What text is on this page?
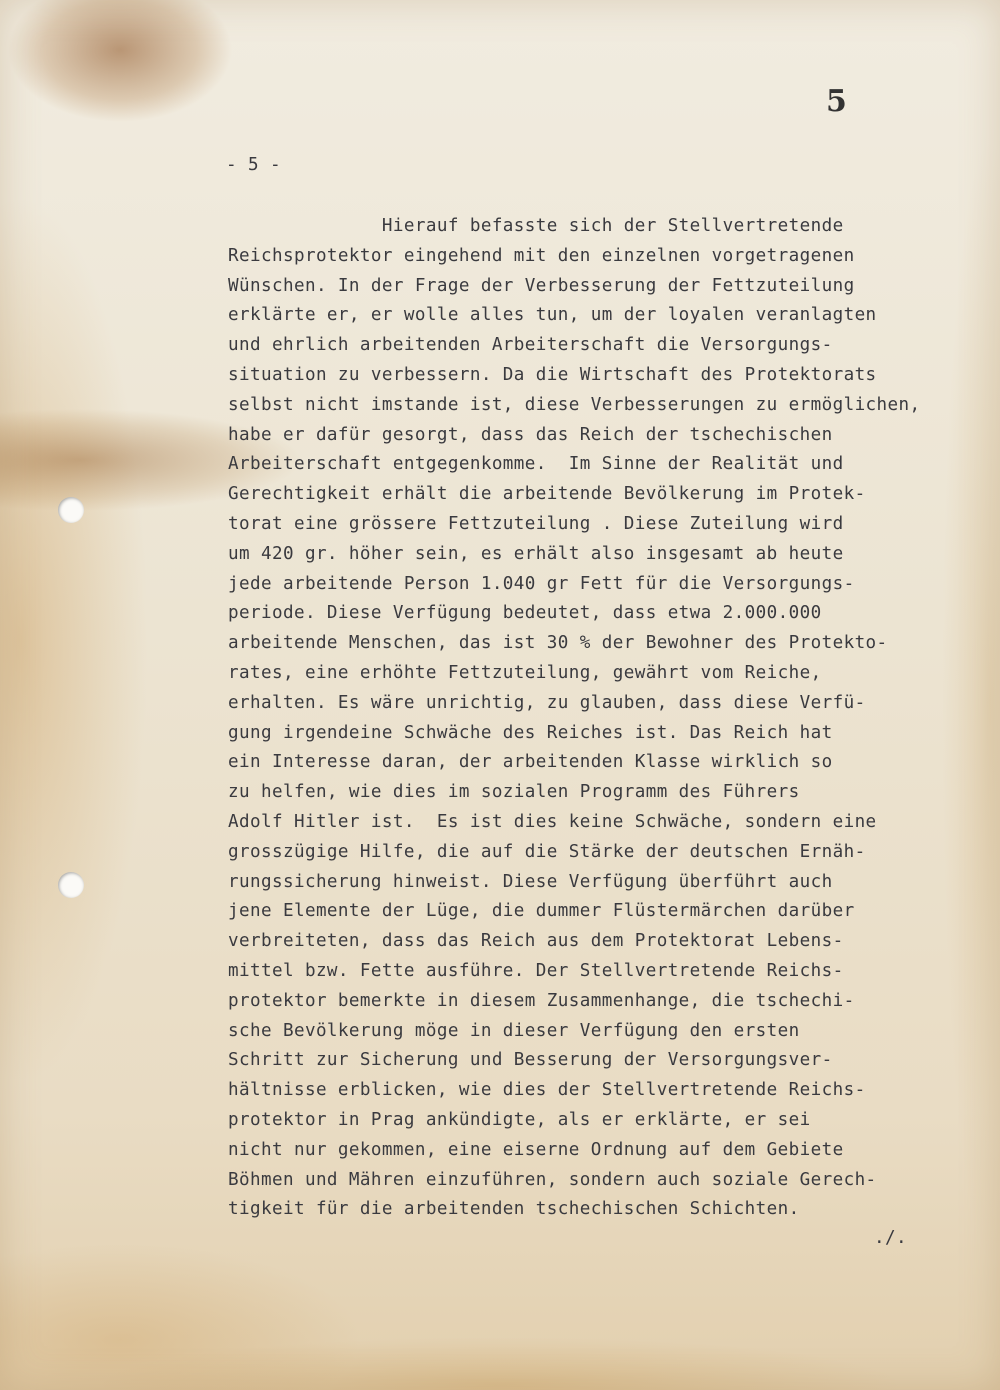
5
- 5 -
Hierauf befasste sich der Stellvertretende
Reichsprotektor eingehend mit den einzelnen vorgetragenen
Wünschen. In der Frage der Verbesserung der Fettzuteilung
erklärte er, er wolle alles tun, um der loyalen veranlagten
und ehrlich arbeitenden Arbeiterschaft die Versorgungs-
situation zu verbessern. Da die Wirtschaft des Protektorats
selbst nicht imstande ist, diese Verbesserungen zu ermöglichen,
habe er dafür gesorgt, dass das Reich der tschechischen
Arbeiterschaft entgegenkomme.  Im Sinne der Realität und
Gerechtigkeit erhält die arbeitende Bevölkerung im Protek-
torat eine grössere Fettzuteilung . Diese Zuteilung wird
um 420 gr. höher sein, es erhält also insgesamt ab heute
jede arbeitende Person 1.040 gr Fett für die Versorgungs-
periode. Diese Verfügung bedeutet, dass etwa 2.000.000
arbeitende Menschen, das ist 30 % der Bewohner des Protekto-
rates, eine erhöhte Fettzuteilung, gewährt vom Reiche,
erhalten. Es wäre unrichtig, zu glauben, dass diese Verfü-
gung irgendeine Schwäche des Reiches ist. Das Reich hat
ein Interesse daran, der arbeitenden Klasse wirklich so
zu helfen, wie dies im sozialen Programm des Führers
Adolf Hitler ist.  Es ist dies keine Schwäche, sondern eine
grosszügige Hilfe, die auf die Stärke der deutschen Ernäh-
rungssicherung hinweist. Diese Verfügung überführt auch
jene Elemente der Lüge, die dummer Flüstermärchen darüber
verbreiteten, dass das Reich aus dem Protektorat Lebens-
mittel bzw. Fette ausführe. Der Stellvertretende Reichs-
protektor bemerkte in diesem Zusammenhange, die tschechi-
sche Bevölkerung möge in dieser Verfügung den ersten
Schritt zur Sicherung und Besserung der Versorgungsver-
hältnisse erblicken, wie dies der Stellvertretende Reichs-
protektor in Prag ankündigte, als er erklärte, er sei
nicht nur gekommen, eine eiserne Ordnung auf dem Gebiete
Böhmen und Mähren einzuführen, sondern auch soziale Gerech-
tigkeit für die arbeitenden tschechischen Schichten.
./.
